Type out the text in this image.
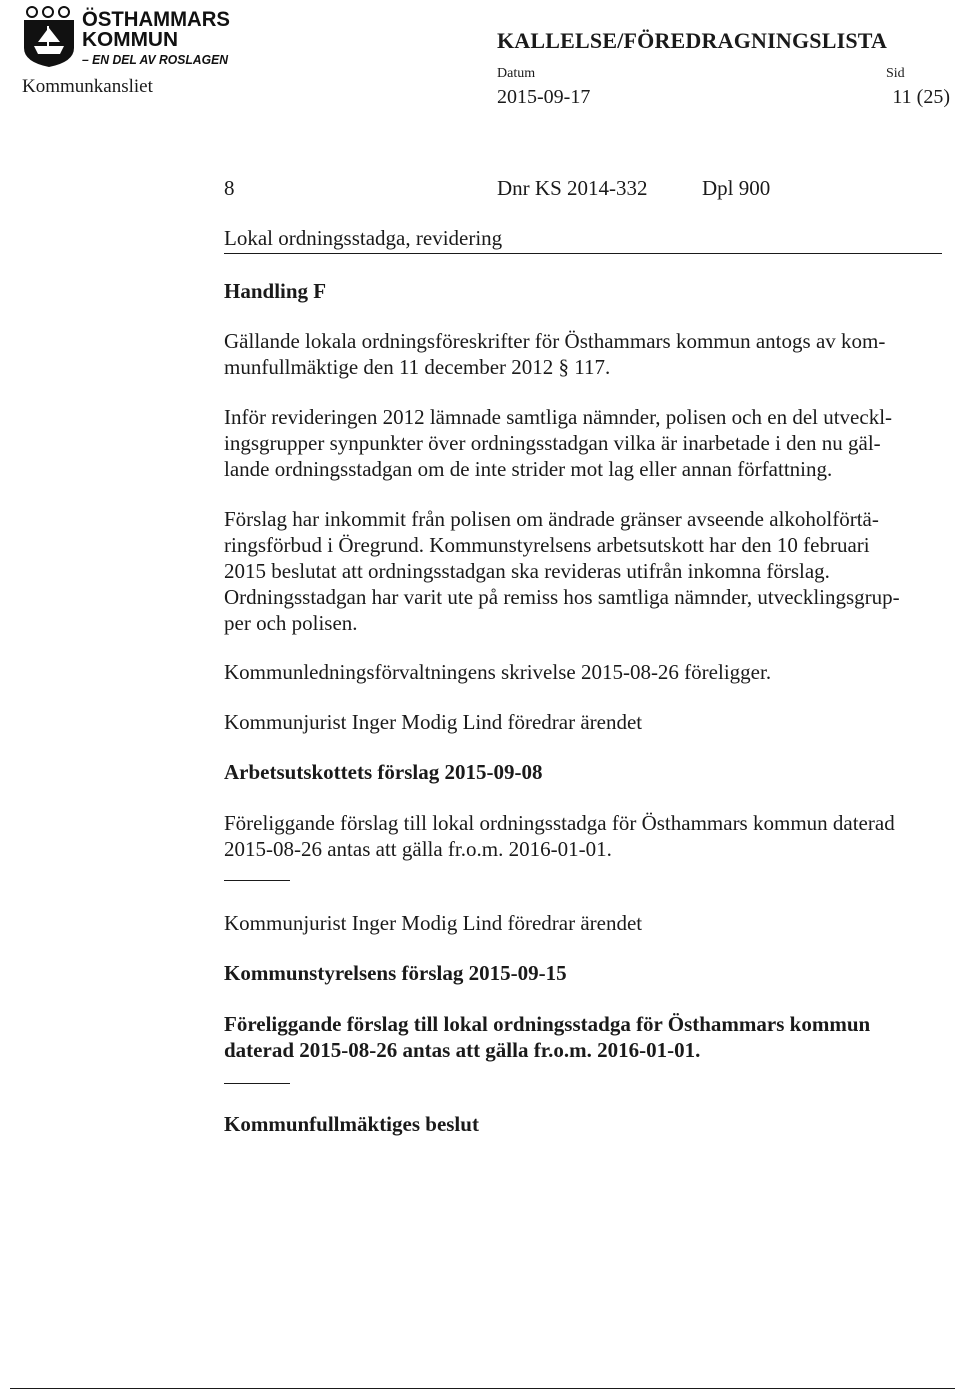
ÖSTHAMMARS
KOMMUN
– EN DEL AV ROSLAGEN
Kommunkansliet
KALLELSE/FÖREDRAGNINGSLISTA
Datum	Sid
2015-09-17	11 (25)
8	Dnr KS 2014-332	Dpl 900
Lokal ordningsstadga, revidering
Handling F
Gällande lokala ordningsföreskrifter för Östhammars kommun antogs av kom-
munfullmäktige den 11 december 2012 § 117.
Inför revideringen 2012 lämnade samtliga nämnder, polisen och en del utveckl-
ingsgrupper synpunkter över ordningsstadgan vilka är inarbetade i den nu gäl-
lande ordningsstadgan om de inte strider mot lag eller annan författning.
Förslag har inkommit från polisen om ändrade gränser avseende alkoholförtä-
ringsförbud i Öregrund. Kommunstyrelsens arbetsutskott har den 10 februari
2015 beslutat att ordningsstadgan ska revideras utifrån inkomna förslag.
Ordningsstadgan har varit ute på remiss hos samtliga nämnder, utvecklingsgrup-
per och polisen.
Kommunledningsförvaltningens skrivelse 2015-08-26 föreligger.
Kommunjurist Inger Modig Lind föredrar ärendet
Arbetsutskottets förslag 2015-09-08
Föreliggande förslag till lokal ordningsstadga för Östhammars kommun daterad
2015-08-26 antas att gälla fr.o.m. 2016-01-01.
Kommunjurist Inger Modig Lind föredrar ärendet
Kommunstyrelsens förslag 2015-09-15
Föreliggande förslag till lokal ordningsstadga för Östhammars kommun
daterad 2015-08-26 antas att gälla fr.o.m. 2016-01-01.
Kommunfullmäktiges beslut
